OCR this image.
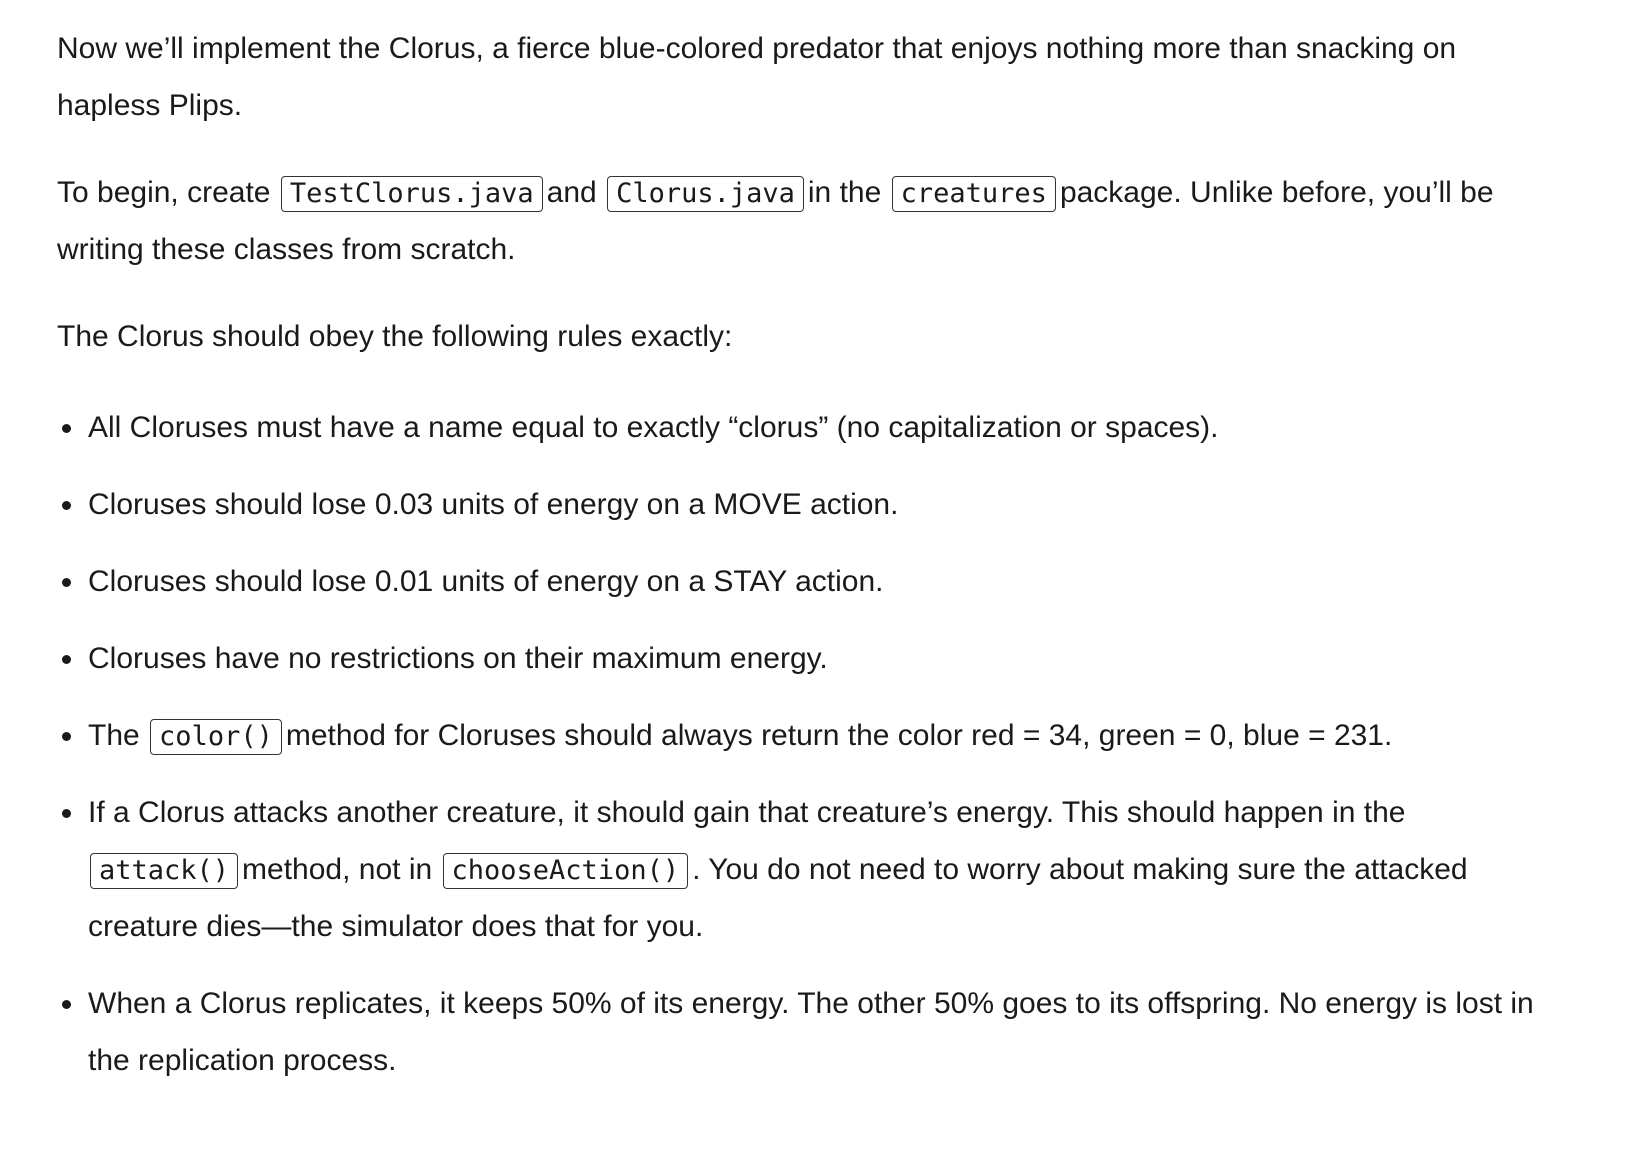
Now we’ll implement the Clorus, a fierce blue-colored predator that enjoys nothing more than snacking on hapless Plips.

To begin, create TestClorus.java and Clorus.java in the creatures package. Unlike before, you’ll be writing these classes from scratch.

The Clorus should obey the following rules exactly:

All Cloruses must have a name equal to exactly “clorus” (no capitalization or spaces).
Cloruses should lose 0.03 units of energy on a MOVE action.
Cloruses should lose 0.01 units of energy on a STAY action.
Cloruses have no restrictions on their maximum energy.
The color() method for Cloruses should always return the color red = 34, green = 0, blue = 231.
If a Clorus attacks another creature, it should gain that creature’s energy. This should happen in the attack() method, not in chooseAction() . You do not need to worry about making sure the attacked creature dies—the simulator does that for you.
When a Clorus replicates, it keeps 50% of its energy. The other 50% goes to its offspring. No energy is lost in the replication process.
